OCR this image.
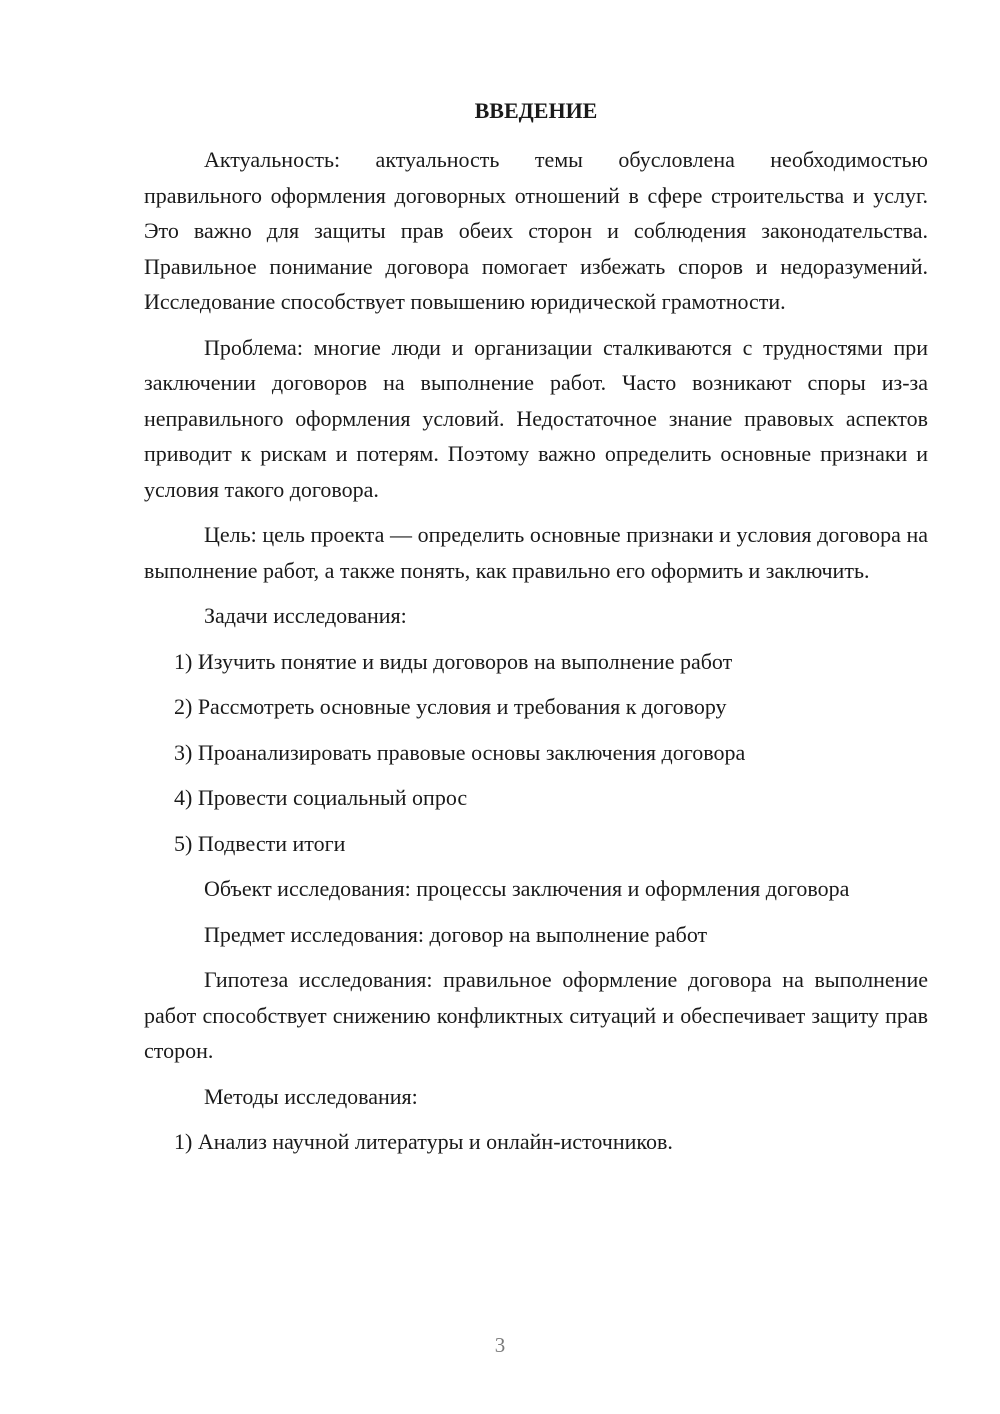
ВВЕДЕНИЕ

Актуальность: актуальность темы обусловлена необходимостью правильного оформления договорных отношений в сфере строительства и услуг. Это важно для защиты прав обеих сторон и соблюдения законодательства. Правильное понимание договора помогает избежать споров и недоразумений. Исследование способствует повышению юридической грамотности.

Проблема: многие люди и организации сталкиваются с трудностями при заключении договоров на выполнение работ. Часто возникают споры из-за неправильного оформления условий. Недостаточное знание правовых аспектов приводит к рискам и потерям. Поэтому важно определить основные признаки и условия такого договора.

Цель: цель проекта — определить основные признаки и условия договора на выполнение работ, а также понять, как правильно его оформить и заключить.

Задачи исследования:

1) Изучить понятие и виды договоров на выполнение работ

2) Рассмотреть основные условия и требования к договору

3) Проанализировать правовые основы заключения договора

4) Провести социальный опрос

5) Подвести итоги

Объект исследования: процессы заключения и оформления договора

Предмет исследования: договор на выполнение работ

Гипотеза исследования: правильное оформление договора на выполнение работ способствует снижению конфликтных ситуаций и обеспечивает защиту прав сторон.

Методы исследования:

1) Анализ научной литературы и онлайн-источников.

3
